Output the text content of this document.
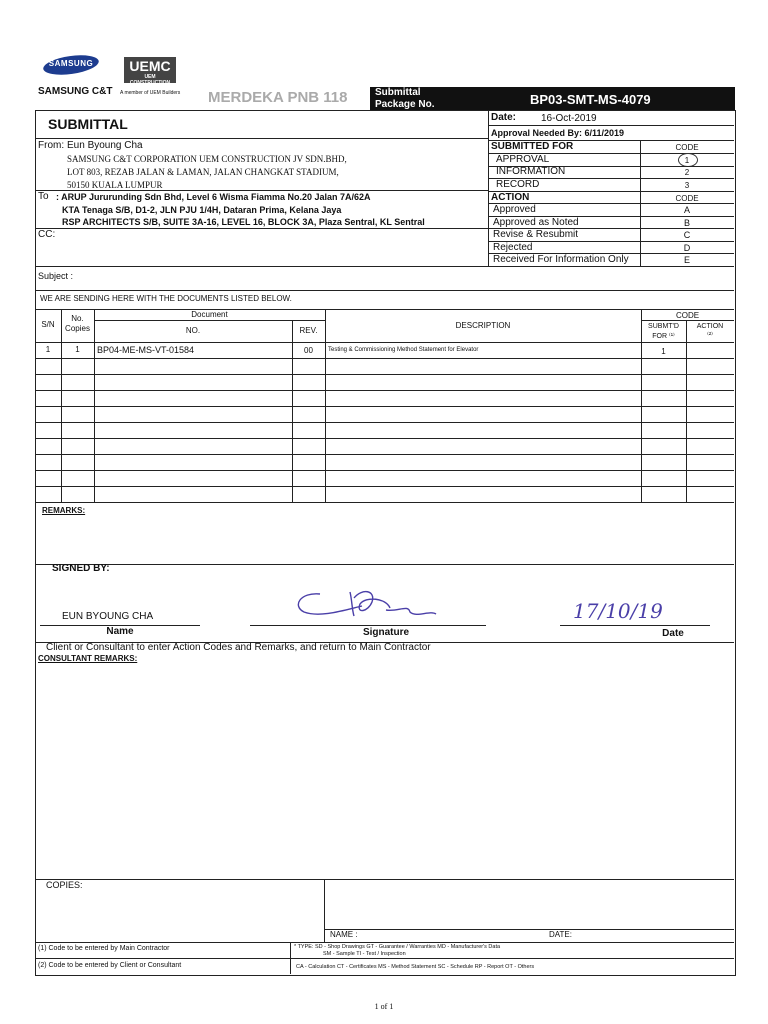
SAMSUNG	UEMC
UEM CONSTRUCTION
SAMSUNG C&T A member of UEM Builders MERDEKA PNB 118	Submittal
Package No.	BP03-SMT-MS-4079
SUBMITTAL	Date: 16-Oct-2019
Approval Needed By: 6/11/2019
From: Eun Byoung Cha
SAMSUNG C&T CORPORATION UEM CONSTRUCTION JV SDN.BHD,
LOT 803, REZAB JALAN & LAMAN, JALAN CHANGKAT STADIUM,
50150 KUALA LUMPUR
To : ARUP Jururunding Sdn Bhd, Level 6 Wisma Fiamma No.20 Jalan 7A/62A
KTA Tenaga S/B, D1-2, JLN PJU 1/4H, Dataran Prima, Kelana Jaya
RSP ARCHITECTS S/B, SUITE 3A-16, LEVEL 16, BLOCK 3A, Plaza Sentral, KL Sentral
CC:
SUBMITTED FOR	CODE
APPROVAL	1
INFORMATION	2
RECORD	3
ACTION	CODE
Approved	A
Approved as Noted	B
Revise & Resubmit	C
Rejected	D
Received For Information Only	E
Subject :
WE ARE SENDING HERE WITH THE DOCUMENTS LISTED BELOW.
S/N
No.
Copies
Document
NO.	REV.
DESCRIPTION
CODE
SUBMT'D
FOR ⁽¹⁾
ACTION
⁽²⁾
1	1	BP04-ME-MS-VT-01584	00	Testing & Commissioning Method Statement for Elevator	1
REMARKS:
SIGNED BY:
EUN BYOUNG CHA
Name	Signature
17/10/19
Date
Client or Consultant to enter Action Codes and Remarks, and return to Main Contractor
CONSULTANT REMARKS:
COPIES:
NAME :	DATE:
(1) Code to be entered by Main Contractor
(2) Code to be entered by Client or Consultant
* TYPE: SD - Shop Drawings GT - Guarantee / Warranties MD - Manufacturer's Data
SM - Sample TI - Test / Inspection
CA - Calculation CT - Certificates MS - Method Statement SC - Schedule RP - Report OT - Others
1 of 1
